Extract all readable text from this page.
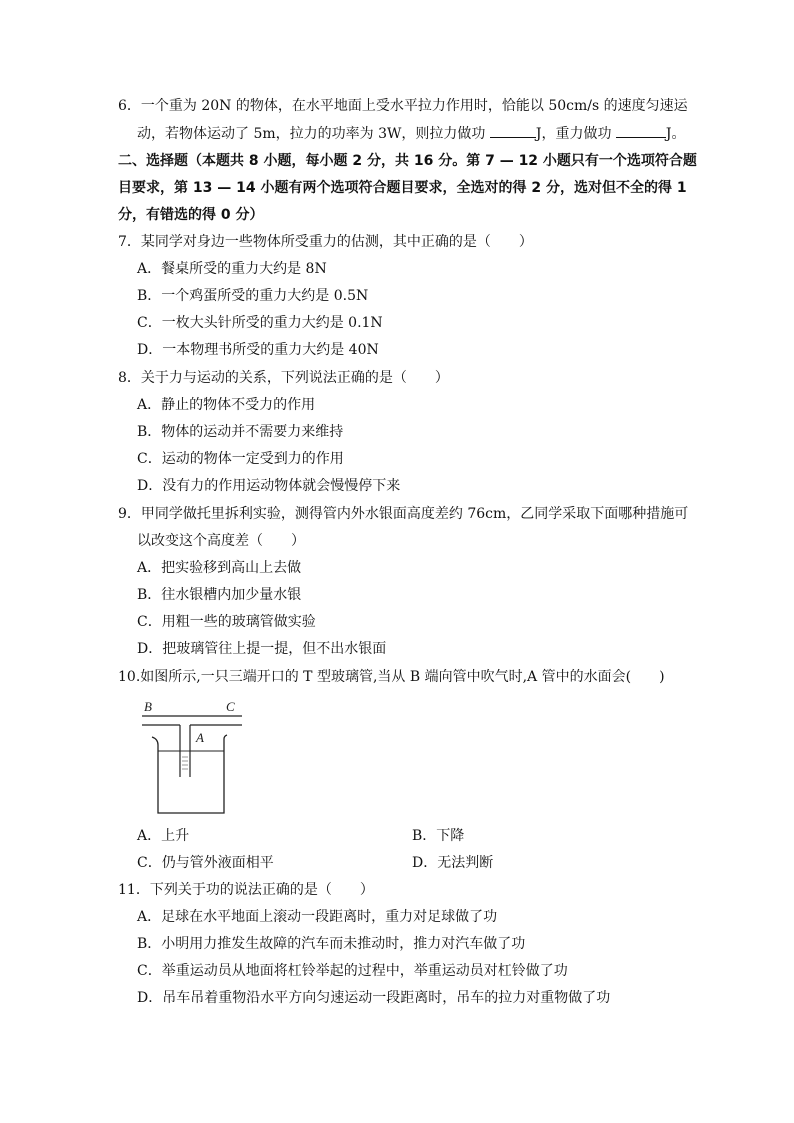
6．一个重为 20N 的物体，在水平地面上受水平拉力作用时，恰能以 50cm/s 的速度匀速运
动，若物体运动了 5m，拉力的功率为 3W，则拉力做功	J，重力做功	J。
二、选择题（本题共 8 小题，每小题 2 分，共 16 分。第 7 — 12 小题只有一个选项符合题
目要求，第 13 — 14 小题有两个选项符合题目要求，全选对的得 2 分，选对但不全的得 1
分，有错选的得 0 分）
7．某同学对身边一些物体所受重力的估测，其中正确的是（　　）
A．餐桌所受的重力大约是 8N
B．一个鸡蛋所受的重力大约是 0.5N
C．一枚大头针所受的重力大约是 0.1N
D．一本物理书所受的重力大约是 40N
8．关于力与运动的关系，下列说法正确的是（　　）
A．静止的物体不受力的作用
B．物体的运动并不需要力来维持
C．运动的物体一定受到力的作用
D．没有力的作用运动物体就会慢慢停下来
9．甲同学做托里拆利实验，测得管内外水银面高度差约 76cm，乙同学采取下面哪种措施可
以改变这个高度差（　　）
A．把实验移到高山上去做
B．往水银槽内加少量水银
C．用粗一些的玻璃管做实验
D．把玻璃管往上提一提，但不出水银面
10.如图所示,一只三端开口的 T 型玻璃管,当从 B 端向管中吹气时,A 管中的水面会(　　)
B	C
A
A．上升	B．下降
C．仍与管外液面相平	D．无法判断
11．下列关于功的说法正确的是（　　）
A．足球在水平地面上滚动一段距离时，重力对足球做了功
B．小明用力推发生故障的汽车而未推动时，推力对汽车做了功
C．举重运动员从地面将杠铃举起的过程中，举重运动员对杠铃做了功
D．吊车吊着重物沿水平方向匀速运动一段距离时，吊车的拉力对重物做了功
